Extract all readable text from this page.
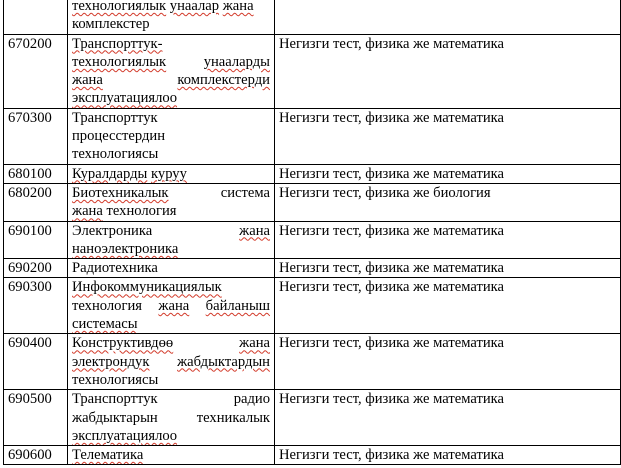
	технологиялык унаалар жана
комплекстер	

670200	Транспорттук-
технологиялык унааларды
жана комплекстерди
эксплуатациялоо	Негизги тест, физика же математика
670300	Транспорттук
процесстердин
технологиясы	Негизги тест, физика же математика
680100	Куралдарды куруу	Негизги тест, физика же математика
680200	Биотехникалык система
жана технология	Негизги тест, физика же биология
690100	Электроника жана
наноэлектроника	Негизги тест, физика же математика
690200	Радиотехника	Негизги тест, физика же математика
690300	Инфокоммуникациялык
технология жана байланыш
системасы	Негизги тест, физика же математика
690400	Конструктивдөө жана
электрондук жабдыктардын
технологиясы	Негизги тест, физика же математика
690500	Транспорттук радио
жабдыктарын техникалык
эксплуатациялоо	Негизги тест, физика же математика
690600	Телематика	Негизги тест, физика же математика
